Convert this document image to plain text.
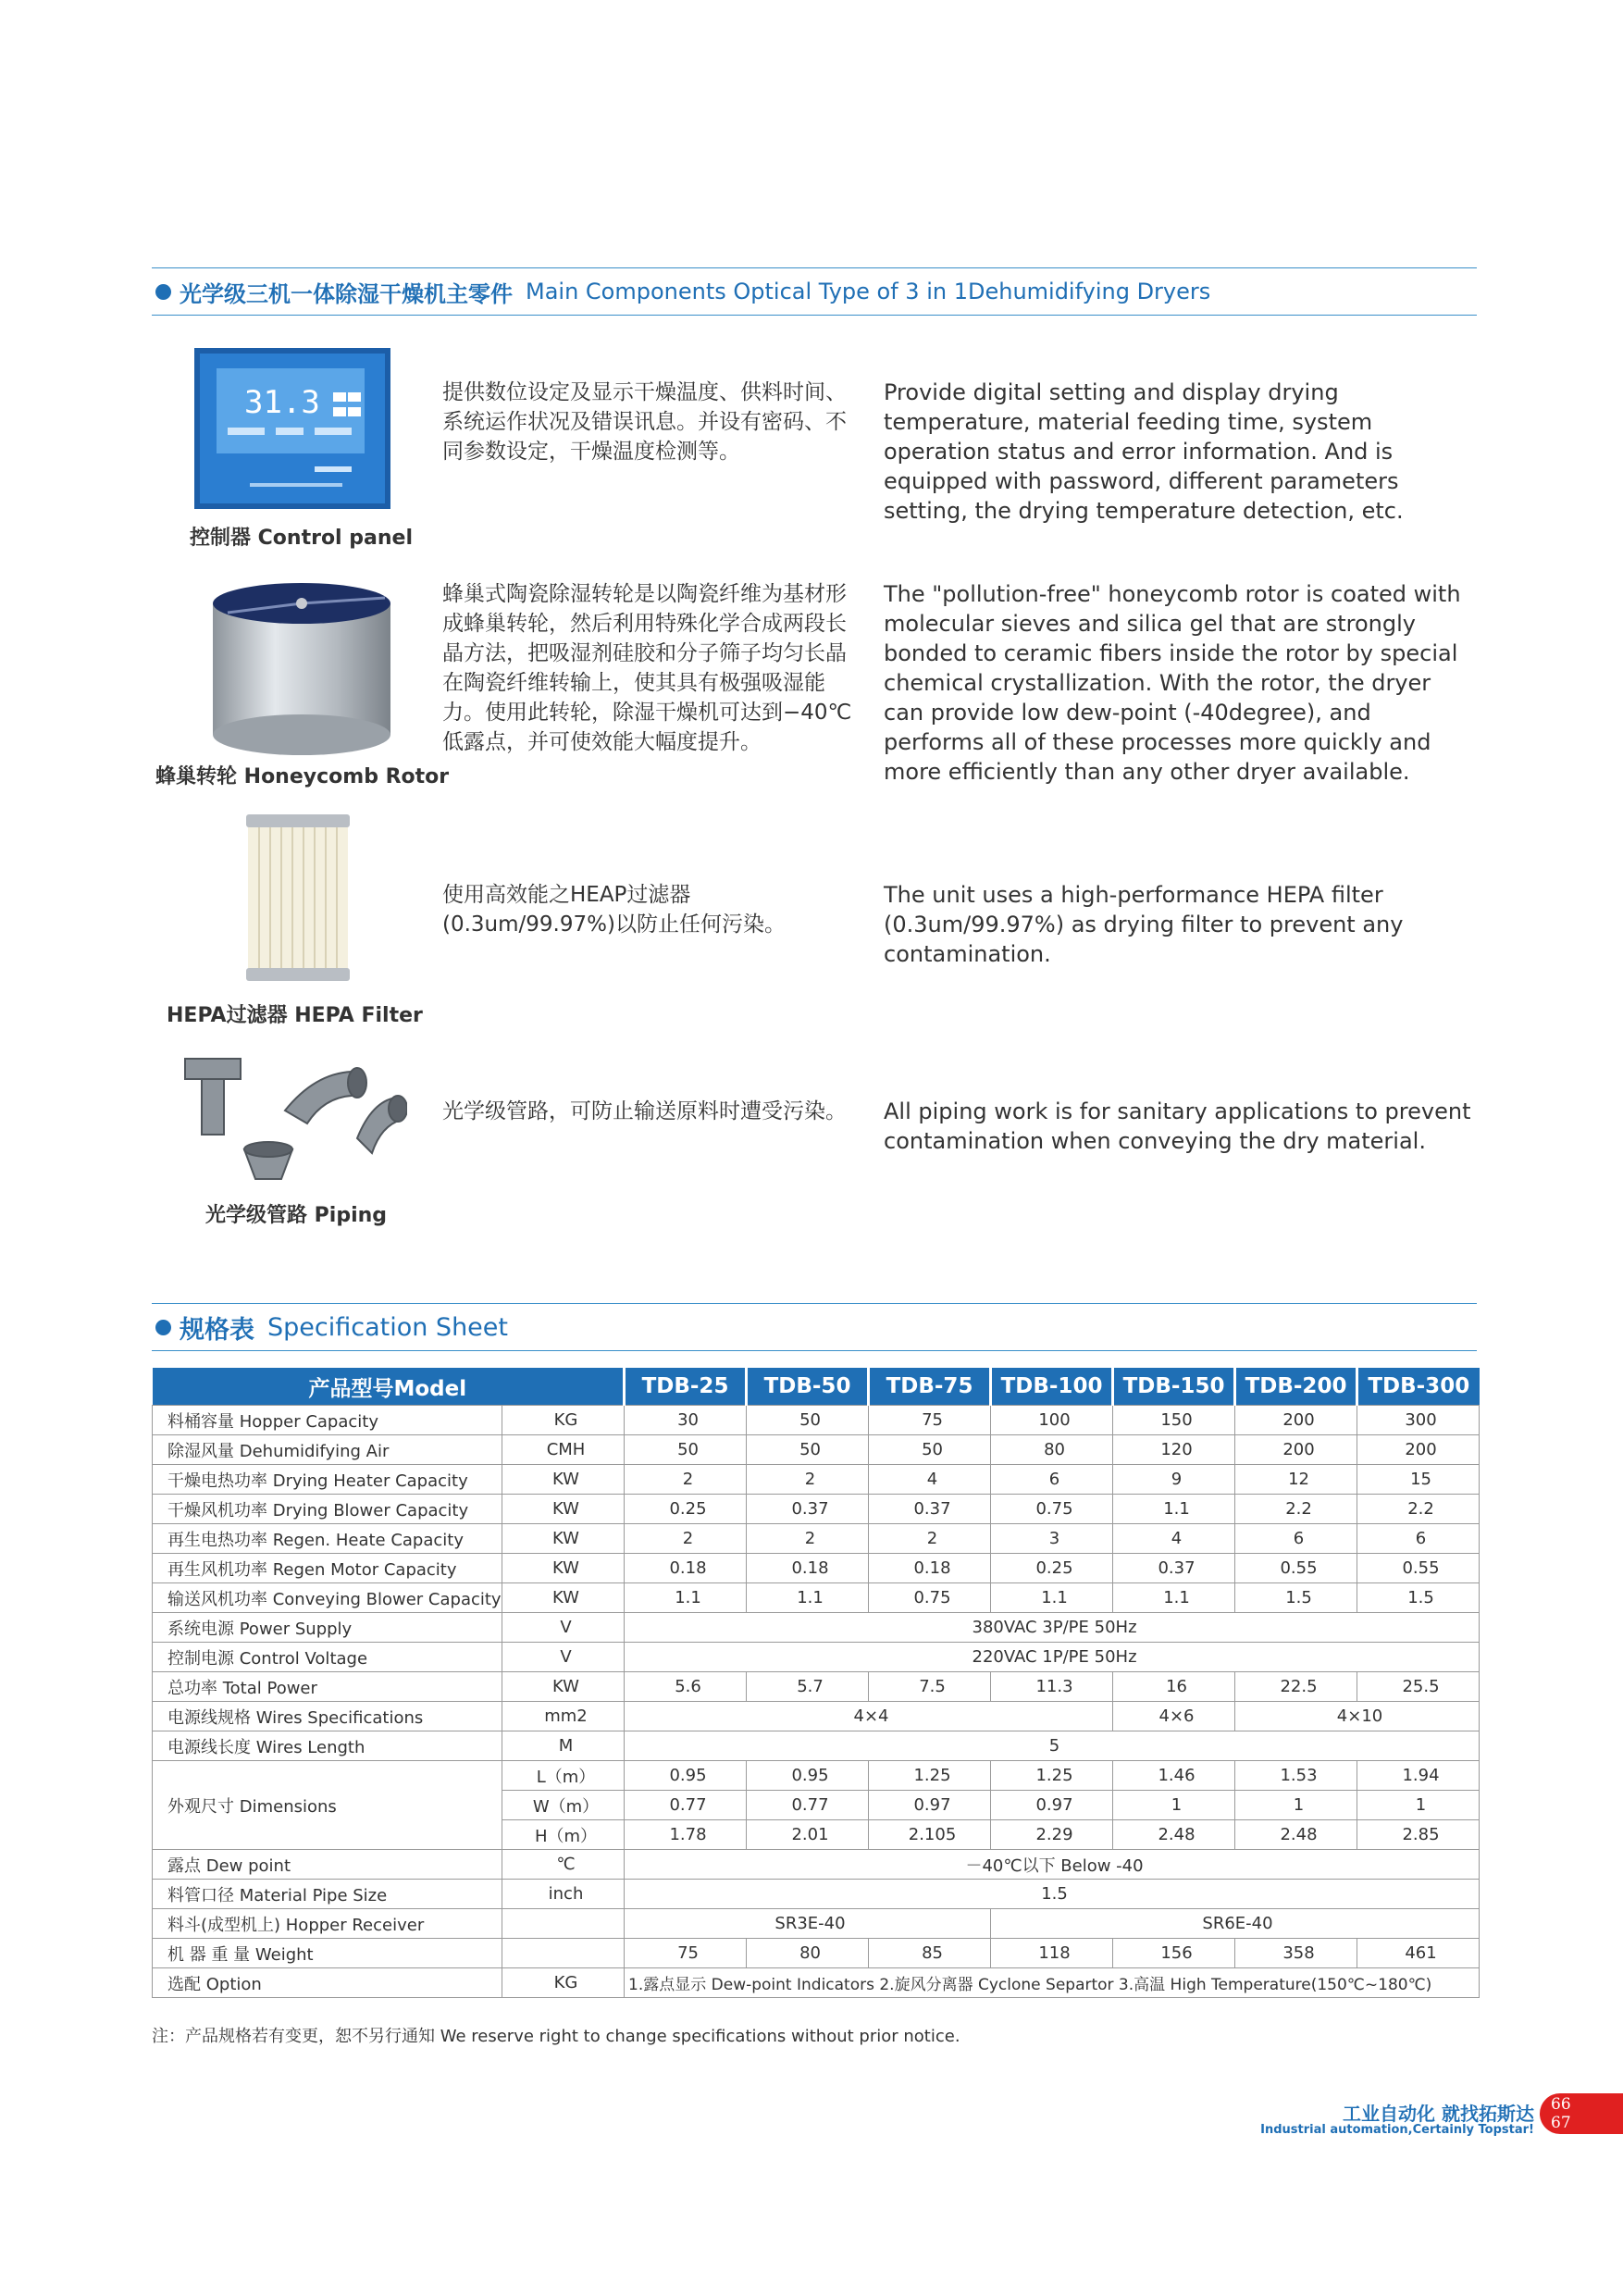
光学级三机一体除湿干燥机主零件 Main Components Optical Type of 3 in 1Dehumidifying Dryers
31.3
控制器 Control panel
提供数位设定及显示干燥温度、供料时间、系统运作状况及错误讯息。并设有密码、不同参数设定，干燥温度检测等。
Provide digital setting and display drying temperature, material feeding time, system operation status and error information. And is equipped with password, different parameters setting, the drying temperature detection, etc.
蜂巢转轮 Honeycomb Rotor
蜂巢式陶瓷除湿转轮是以陶瓷纤维为基材形成蜂巢转轮，然后利用特殊化学合成两段长晶方法，把吸湿剂硅胶和分子筛子均匀长晶在陶瓷纤维转输上，使其具有极强吸湿能力。使用此转轮，除湿干燥机可达到−40℃低露点，并可使效能大幅度提升。
The "pollution-free" honeycomb rotor is coated with molecular sieves and silica gel that are strongly bonded to ceramic fibers inside the rotor by special chemical crystallization. With the rotor, the dryer can provide low dew-point (-40degree), and performs all of these processes more quickly and more efficiently than any other dryer available.
HEPA过滤器 HEPA Filter
使用高效能之HEAP过滤器(0.3um/99.97%)以防止任何污染。
The unit uses a high-performance HEPA filter (0.3um/99.97%) as drying filter to prevent any contamination.
光学级管路 Piping
光学级管路，可防止输送原料时遭受污染。	All piping work is for sanitary applications to prevent contamination when conveying the dry material.
规格表 Specification Sheet
产品型号Model		TDB-25	TDB-50	TDB-75	TDB-100	TDB-150	TDB-200	TDB-300
料桶容量 Hopper Capacity	KG	30	50	75	100	150	200	300
除湿风量 Dehumidifying Air	CMH	50	50	50	80	120	200	200
干燥电热功率 Drying Heater Capacity	KW	2	2	4	6	9	12	15
干燥风机功率 Drying Blower Capacity	KW	0.25	0.37	0.37	0.75	1.1	2.2	2.2
再生电热功率 Regen. Heate Capacity	KW	2	2	2	3	4	6	6
再生风机功率 Regen Motor Capacity	KW	0.18	0.18	0.18	0.25	0.37	0.55	0.55
输送风机功率 Conveying Blower Capacity	KW	1.1	1.1	0.75	1.1	1.1	1.5	1.5
系统电源 Power Supply	V	380VAC 3P/PE 50Hz						
控制电源 Control Voltage	V	220VAC 1P/PE 50Hz						
总功率 Total Power	KW	5.6	5.7	7.5	11.3	16	22.5	25.5
电源线规格 Wires Specifications	mm2	4×4				4×6	4×10	
电源线长度 Wires Length	M	5						
外观尺寸 Dimensions	L（m）	0.95	0.95	1.25	1.25	1.46	1.53	1.94
	W（m）	0.77	0.77	0.97	0.97	1	1	1
	H（m）	1.78	2.01	2.105	2.29	2.48	2.48	2.85
露点 Dew point	℃	－40℃以下 Below -40						
料管口径 Material Pipe Size	inch	1.5						
料斗(成型机上) Hopper Receiver		SR3E-40			SR6E-40			
机 器 重 量 Weight		75	80	85	118	156	358	461
选配 Option	KG	1.露点显示 Dew-point Indicators 2.旋风分离器 Cyclone Separtor 3.高温 High Temperature(150℃~180℃)						
注：产品规格若有变更，恕不另行通知 We reserve right to change specifications without prior notice.
工业自动化 就找拓斯达
Industrial automation,Certainly Topstar!
66
67
